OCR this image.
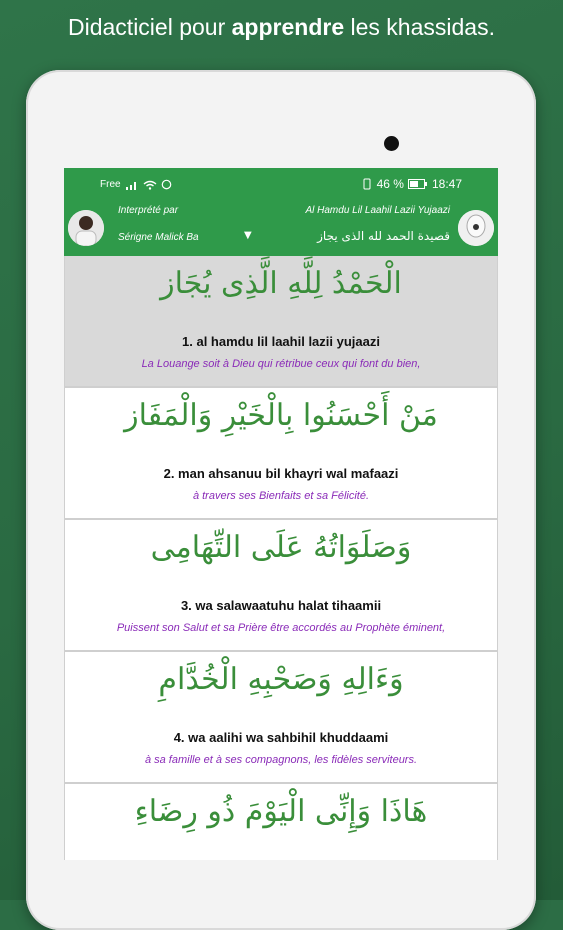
Didacticiel pour apprendre les khassidas.
Free	46 % 18:47
Interprété par
Sérigne Malick Ba	▼
Al Hamdu Lil Laahil Lazii Yujaazi
قصيدة الحمد لله الذى يجاز
الْحَمْدُ لِلَّهِ الَّذِى يُجَاز
1. al hamdu lil laahil lazii yujaazi
La Louange soit à Dieu qui rétribue ceux qui font du bien,
مَنْ أَحْسَنُوا بِالْخَيْرِ وَالْمَفَاز
2. man ahsanuu bil khayri wal mafaazi
à travers ses Bienfaits et sa Félicité.
وَصَلَوَاتُهُ عَلَى التِّهَامِى
3. wa salawaatuhu halat tihaamii
Puissent son Salut et sa Prière être accordés au Prophète éminent,
وَءَالِهِ وَصَحْبِهِ الْخُدَّامِ
4. wa aalihi wa sahbihil khuddaami
à sa famille et à ses compagnons, les fidèles serviteurs.
هَاذَا وَإِنِّى الْيَوْمَ ذُو رِضَاءِ
